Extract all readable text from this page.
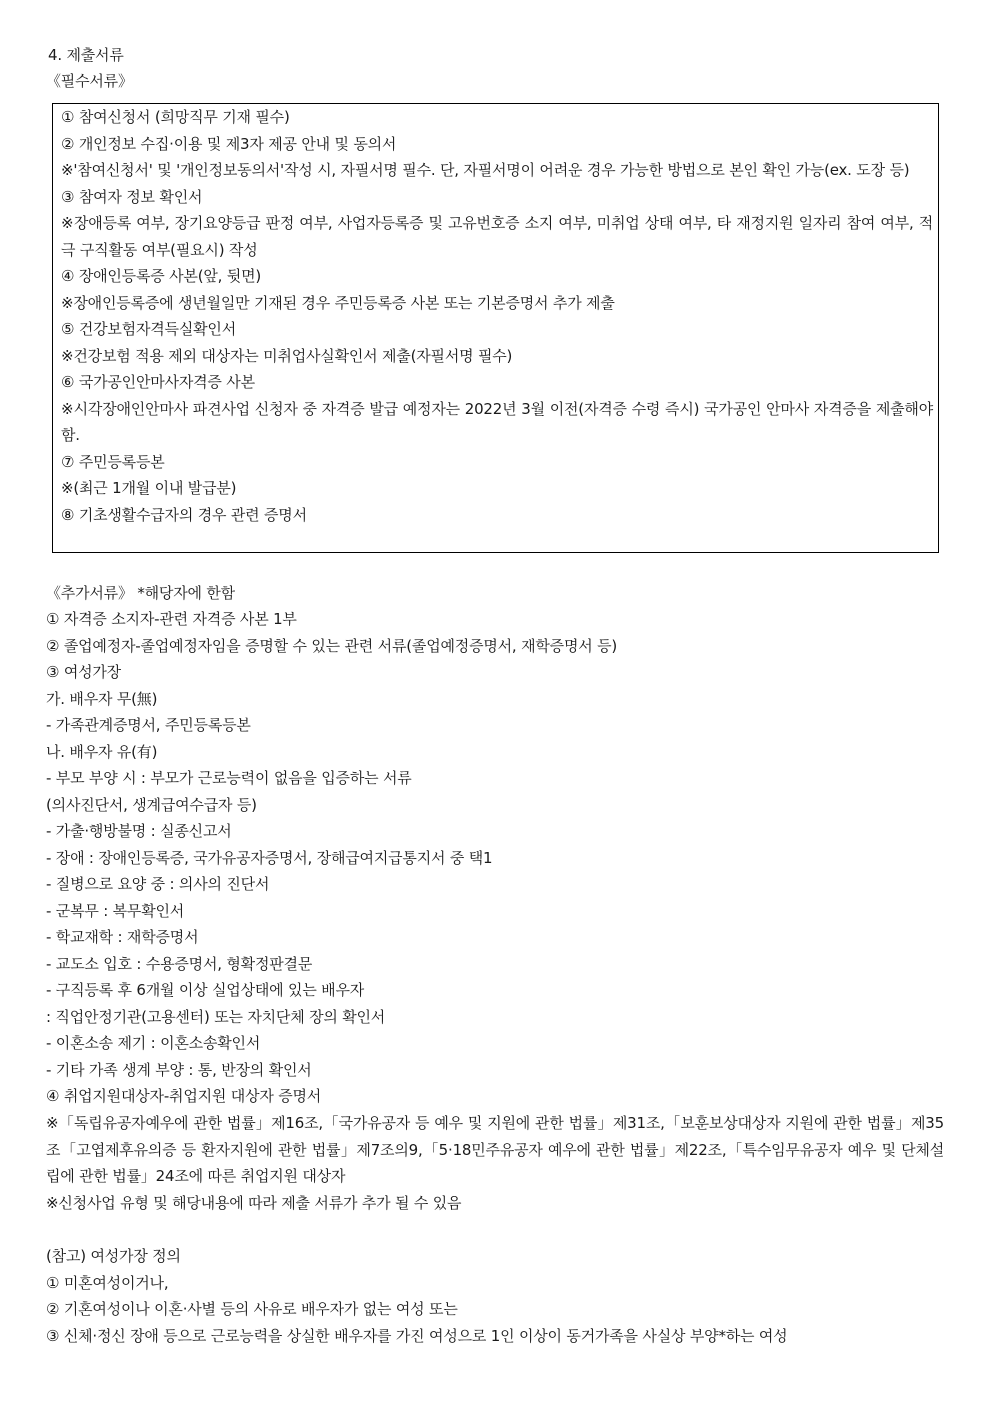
4. 제출서류
《필수서류》
① 참여신청서 (희망직무 기재 필수)
② 개인정보 수집·이용 및 제3자 제공 안내 및 동의서
※'참여신청서' 및 '개인정보동의서'작성 시, 자필서명 필수. 단, 자필서명이 어려운 경우 가능한 방법으로 본인 확인 가능(ex. 도장 등)
③ 참여자 정보 확인서
※장애등록 여부, 장기요양등급 판정 여부, 사업자등록증 및 고유번호증 소지 여부, 미취업 상태 여부, 타 재정지원 일자리 참여 여부, 적극 구직활동 여부(필요시) 작성
④ 장애인등록증 사본(앞, 뒷면)
※장애인등록증에 생년월일만 기재된 경우 주민등록증 사본 또는 기본증명서 추가 제출
⑤ 건강보험자격득실확인서
※건강보험 적용 제외 대상자는 미취업사실확인서 제출(자필서명 필수)
⑥ 국가공인안마사자격증 사본
※시각장애인안마사 파견사업 신청자 중 자격증 발급 예정자는 2022년 3월 이전(자격증 수령 즉시) 국가공인 안마사 자격증을 제출해야함.
⑦ 주민등록등본
※(최근 1개월 이내 발급분)
⑧ 기초생활수급자의 경우 관련 증명서
《추가서류》 *해당자에 한함
① 자격증 소지자-관련 자격증 사본 1부
② 졸업예정자-졸업예정자임을 증명할 수 있는 관련 서류(졸업예정증명서, 재학증명서 등)
③ 여성가장
가. 배우자 무(無)
- 가족관계증명서, 주민등록등본
나. 배우자 유(有)
- 부모 부양 시 : 부모가 근로능력이 없음을 입증하는 서류
(의사진단서, 생계급여수급자 등)
- 가출·행방불명 : 실종신고서
- 장애 : 장애인등록증, 국가유공자증명서, 장해급여지급통지서 중 택1
- 질병으로 요양 중 : 의사의 진단서
- 군복무 : 복무확인서
- 학교재학 : 재학증명서
- 교도소 입호 : 수용증명서, 형확정판결문
- 구직등록 후 6개월 이상 실업상태에 있는 배우자
: 직업안정기관(고용센터) 또는 자치단체 장의 확인서
- 이혼소송 제기 : 이혼소송확인서
- 기타 가족 생계 부양 : 통, 반장의 확인서
④ 취업지원대상자-취업지원 대상자 증명서
※「독립유공자예우에 관한 법률」제16조,「국가유공자 등 예우 및 지원에 관한 법률」제31조,「보훈보상대상자 지원에 관한 법률」제35조「고엽제후유의증 등 환자지원에 관한 법률」제7조의9,「5·18민주유공자 예우에 관한 법률」제22조,「특수임무유공자 예우 및 단체설립에 관한 법률」24조에 따른 취업지원 대상자
※신청사업 유형 및 해당내용에 따라 제출 서류가 추가 될 수 있음
(참고) 여성가장 정의
① 미혼여성이거나,
② 기혼여성이나 이혼·사별 등의 사유로 배우자가 없는 여성 또는
③ 신체·정신 장애 등으로 근로능력을 상실한 배우자를 가진 여성으로 1인 이상이 동거가족을 사실상 부양*하는 여성
